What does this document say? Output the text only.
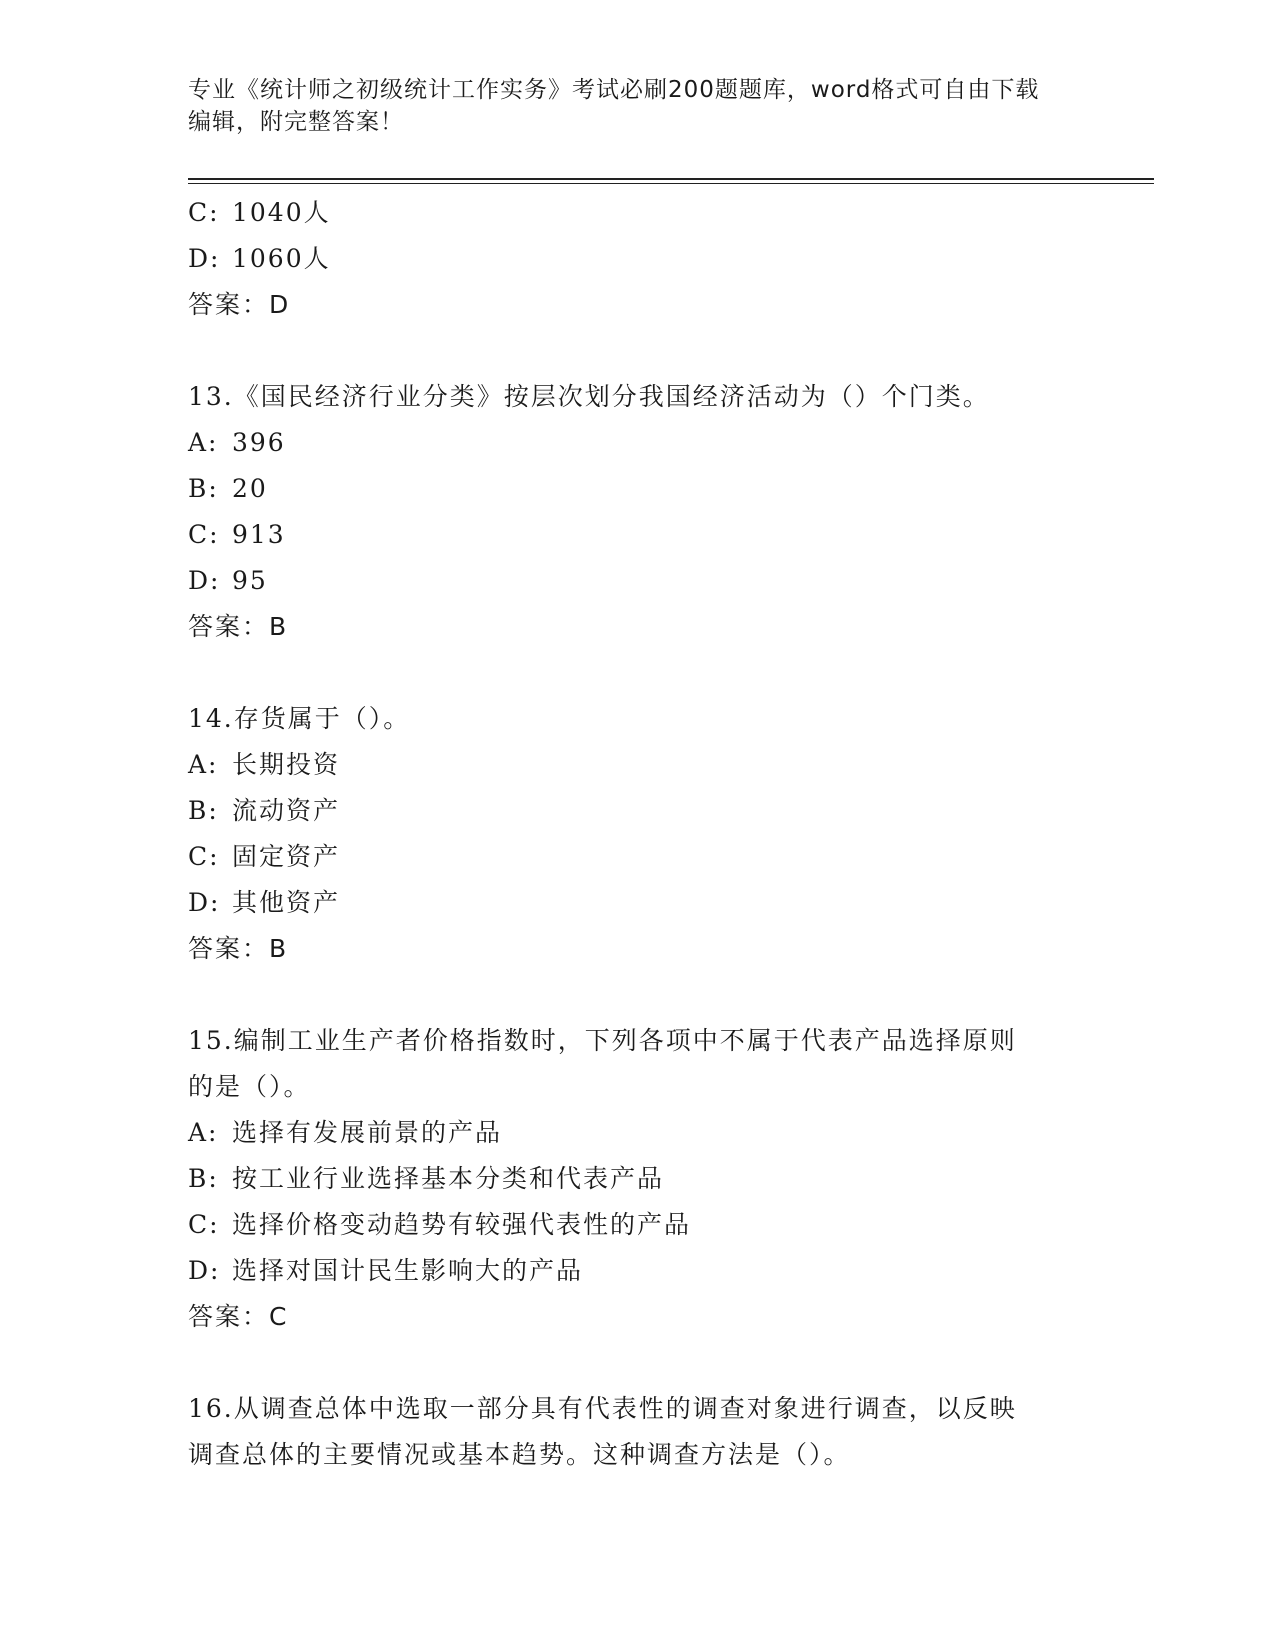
专业《统计师之初级统计工作实务》考试必刷200题题库，word格式可自由下载
编辑，附完整答案！
C: 1040人
D: 1060人
答案：D
13.《国民经济行业分类》按层次划分我国经济活动为（）个门类。
A: 396
B: 20
C: 913
D: 95
答案：B
14.存货属于（）。
A: 长期投资
B: 流动资产
C: 固定资产
D: 其他资产
答案：B
15.编制工业生产者价格指数时，下列各项中不属于代表产品选择原则
的是（）。
A: 选择有发展前景的产品
B: 按工业行业选择基本分类和代表产品
C: 选择价格变动趋势有较强代表性的产品
D: 选择对国计民生影响大的产品
答案：C
16.从调查总体中选取一部分具有代表性的调查对象进行调查，以反映
调查总体的主要情况或基本趋势。这种调查方法是（）。
